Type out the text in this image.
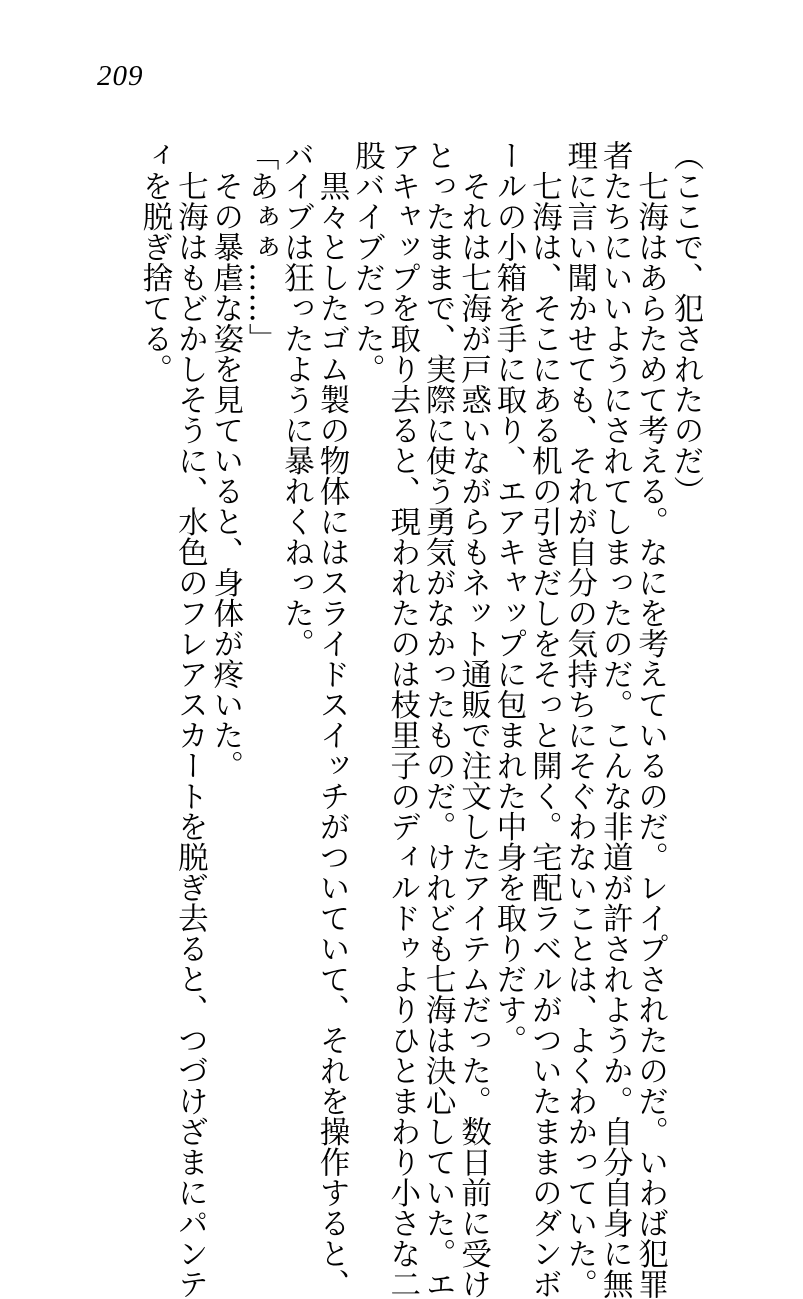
209
（ここで、犯されたのだ）
　七海はあらためて考える。なにを考えているのだ。レイプされたのだ。いわば犯罪
者たちにいいようにされてしまったのだ。こんな非道が許されようか。自分自身に無
理に言い聞かせても、それが自分の気持ちにそぐわないことは、よくわかっていた。
　七海は、そこにある机の引きだしをそっと開く。宅配ラベルがついたままのダンボ
ールの小箱を手に取り、エアキャップに包まれた中身を取りだす。
　それは七海が戸惑いながらもネット通販で注文したアイテムだった。数日前に受け
とったままで、実際に使う勇気がなかったものだ。けれども七海は決心していた。エ
アキャップを取り去ると、現われたのは枝里子のディルドゥよりひとまわり小さな二
股バイブだった。
　黒々としたゴム製の物体にはスライドスイッチがついていて、それを操作すると、
バイブは狂ったように暴れくねった。
「あぁぁ……」
　その暴虐な姿を見ていると、身体が疼いた。
　七海はもどかしそうに、水色のフレアスカートを脱ぎ去ると、つづけざまにパンテ
ィを脱ぎ捨てる。
